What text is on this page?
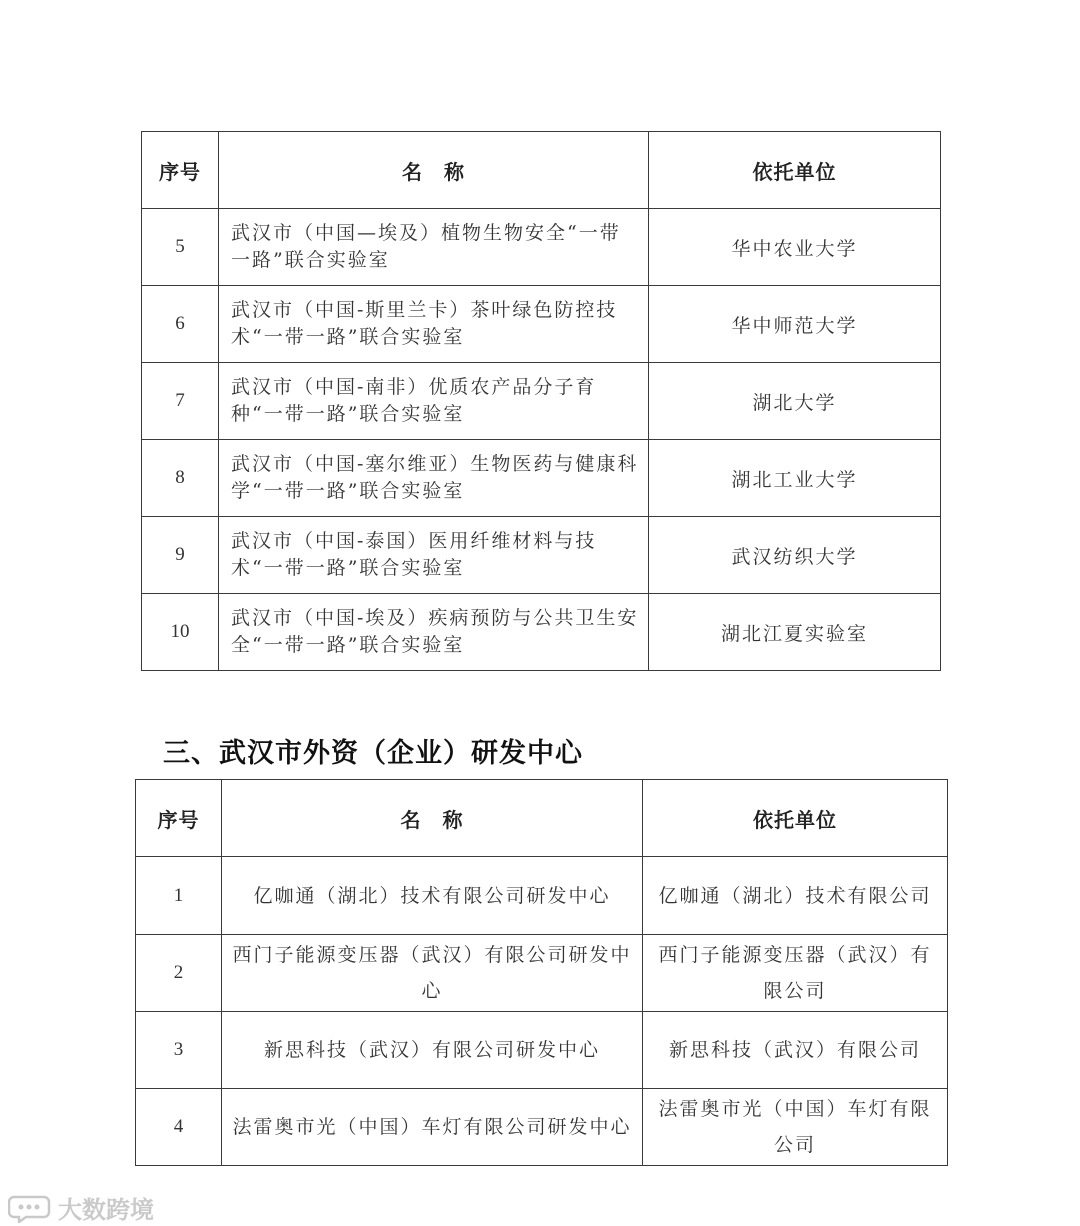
序号	名　称	依托单位
5	武汉市（中国—埃及）植物生物安全“一带一路”联合实验室	华中农业大学
6	武汉市（中国-斯里兰卡）茶叶绿色防控技术“一带一路”联合实验室	华中师范大学
7	武汉市（中国-南非）优质农产品分子育种“一带一路”联合实验室	湖北大学
8	武汉市（中国-塞尔维亚）生物医药与健康科学“一带一路”联合实验室	湖北工业大学
9	武汉市（中国-泰国）医用纤维材料与技术“一带一路”联合实验室	武汉纺织大学
10	武汉市（中国-埃及）疾病预防与公共卫生安全“一带一路”联合实验室	湖北江夏实验室
三、武汉市外资（企业）研发中心
序号	名　称	依托单位
1	亿咖通（湖北）技术有限公司研发中心	亿咖通（湖北）技术有限公司
2	西门子能源变压器（武汉）有限公司研发中心	西门子能源变压器（武汉）有限公司
3	新思科技（武汉）有限公司研发中心	新思科技（武汉）有限公司
4	法雷奥市光（中国）车灯有限公司研发中心	法雷奥市光（中国）车灯有限公司
大数跨境
